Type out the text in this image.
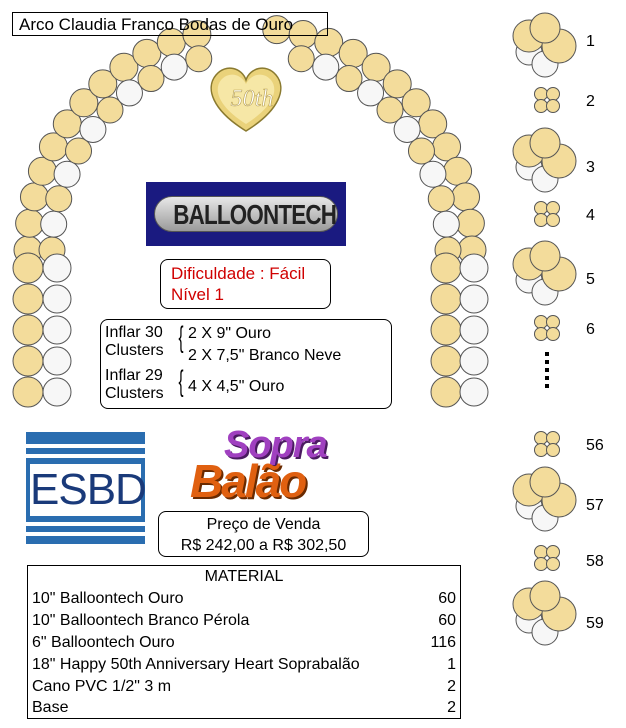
50th
1
2
3
4
5
6
56
57
58
59
Arco Claudia Franco Bodas de Ouro
BALLOONTECH
Dificuldade : Fácil
Nível 1
Inflar 30
Clusters { 2 X 9" Ouro
2 X 7,5" Branco Neve
Inflar 29
Clusters { 4 X 4,5" Ouro
ESBD
Sopra
Balão
Preço de Venda
R$ 242,00 a R$ 302,50
MATERIAL
10" Balloontech Ouro	60
10" Balloontech Branco Pérola	60
6" Balloontech Ouro	116
18" Happy 50th Anniversary Heart Soprabalão	1
Cano PVC 1/2" 3 m	2
Base	2
